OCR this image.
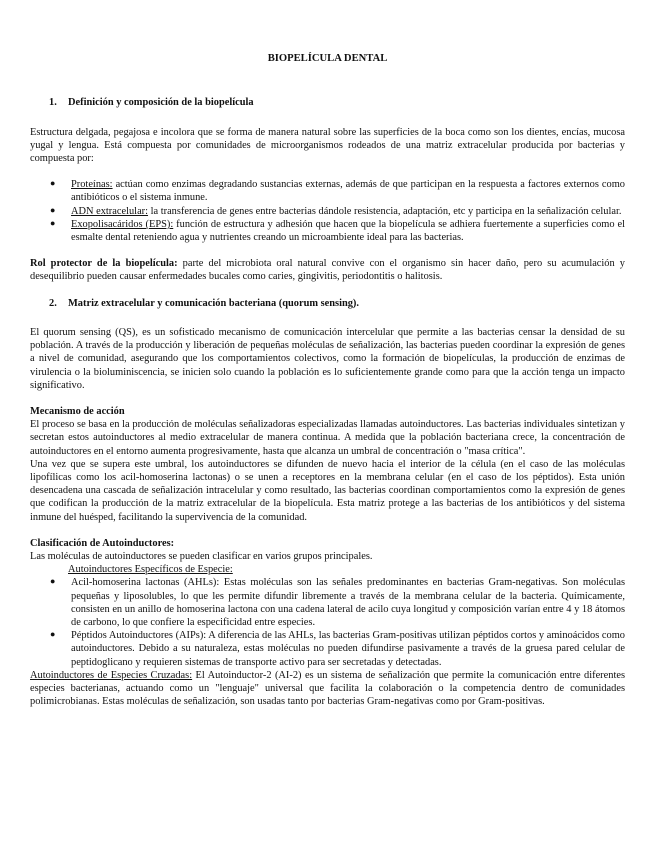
BIOPELÍCULA DENTAL

1. Definición y composición de la biopelícula

Estructura delgada, pegajosa e incolora que se forma de manera natural sobre las superficies de la boca como son los dientes, encías, mucosa yugal y lengua. Está compuesta por comunidades de microorganismos rodeados de una matriz extracelular producida por bacterias y compuesta por:

● Proteínas: actúan como enzimas degradando sustancias externas, además de que participan en la respuesta a factores externos como antibióticos o el sistema inmune.
● ADN extracelular: la transferencia de genes entre bacterias dándole resistencia, adaptación, etc y participa en la señalización celular.
● Exopolisacáridos (EPS): función de estructura y adhesión que hacen que la biopelícula se adhiera fuertemente a superficies como el esmalte dental reteniendo agua y nutrientes creando un microambiente ideal para las bacterias.

Rol protector de la biopelícula: parte del microbiota oral natural convive con el organismo sin hacer daño, pero su acumulación y desequilibrio pueden causar enfermedades bucales como caries, gingivitis, periodontitis o halitosis.

2. Matriz extracelular y comunicación bacteriana (quorum sensing).

El quorum sensing (QS), es un sofisticado mecanismo de comunicación intercelular que permite a las bacterias censar la densidad de su población. A través de la producción y liberación de pequeñas moléculas de señalización, las bacterias pueden coordinar la expresión de genes a nivel de comunidad, asegurando que los comportamientos colectivos, como la formación de biopelículas, la producción de enzimas de virulencia o la bioluminiscencia, se inicien solo cuando la población es lo suficientemente grande como para que la acción tenga un impacto significativo.

Mecanismo de acción

El proceso se basa en la producción de moléculas señalizadoras especializadas llamadas autoinductores. Las bacterias individuales sintetizan y secretan estos autoinductores al medio extracelular de manera continua. A medida que la población bacteriana crece, la concentración de autoinductores en el entorno aumenta progresivamente, hasta que alcanza un umbral de concentración o "masa crítica".

Una vez que se supera este umbral, los autoinductores se difunden de nuevo hacia el interior de la célula (en el caso de las moléculas lipofílicas como los acil-homoserina lactonas) o se unen a receptores en la membrana celular (en el caso de los péptidos). Esta unión desencadena una cascada de señalización intracelular y como resultado, las bacterias coordinan comportamientos como la expresión de genes que codifican la producción de la matriz extracelular de la biopelícula. Esta matriz protege a las bacterias de los antibióticos y del sistema inmune del huésped, facilitando la supervivencia de la comunidad.

Clasificación de Autoinductores:

Las moléculas de autoinductores se pueden clasificar en varios grupos principales.

Autoinductores Específicos de Especie:

● Acil-homoserina lactonas (AHLs): Estas moléculas son las señales predominantes en bacterias Gram-negativas. Son moléculas pequeñas y liposolubles, lo que les permite difundir libremente a través de la membrana celular de la bacteria. Químicamente, consisten en un anillo de homoserina lactona con una cadena lateral de acilo cuya longitud y composición varían entre 4 y 18 átomos de carbono, lo que confiere la especificidad entre especies.
● Péptidos Autoinductores (AIPs): A diferencia de las AHLs, las bacterias Gram-positivas utilizan péptidos cortos y aminoácidos como autoinductores. Debido a su naturaleza, estas moléculas no pueden difundirse pasivamente a través de la gruesa pared celular de peptidoglicano y requieren sistemas de transporte activo para ser secretadas y detectadas.

Autoinductores de Especies Cruzadas: El Autoinductor-2 (AI-2) es un sistema de señalización que permite la comunicación entre diferentes especies bacterianas, actuando como un "lenguaje" universal que facilita la colaboración o la competencia dentro de comunidades polimicrobianas. Estas moléculas de señalización, son usadas tanto por bacterias Gram-negativas como por Gram-positivas.
